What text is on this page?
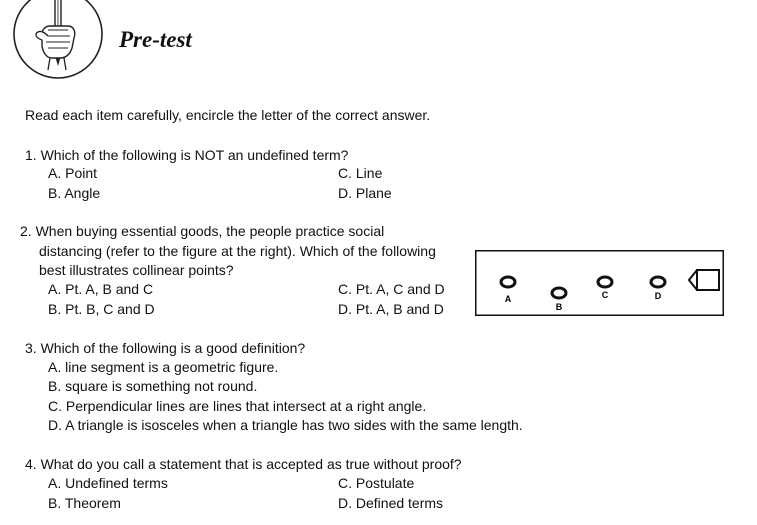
Pre-test
Read each item carefully, encircle the letter of the correct answer.
1. Which of the following is NOT an undefined term?
A. Point
B. Angle
C. Line
D. Plane
2. When buying essential goods, the people practice social
distancing (refer to the figure at the right). Which of the following
best illustrates collinear points?
A. Pt. A, B and C
B. Pt. B, C and D
C. Pt. A, C and D
D. Pt. A, B and D
A
B
C	D
3. Which of the following is a good definition?
A. line segment is a geometric figure.
B. square is something not round.
C. Perpendicular lines are lines that intersect at a right angle.
D. A triangle is isosceles when a triangle has two sides with the same length.
4. What do you call a statement that is accepted as true without proof?
A. Undefined terms
B. Theorem
C. Postulate
D. Defined terms
